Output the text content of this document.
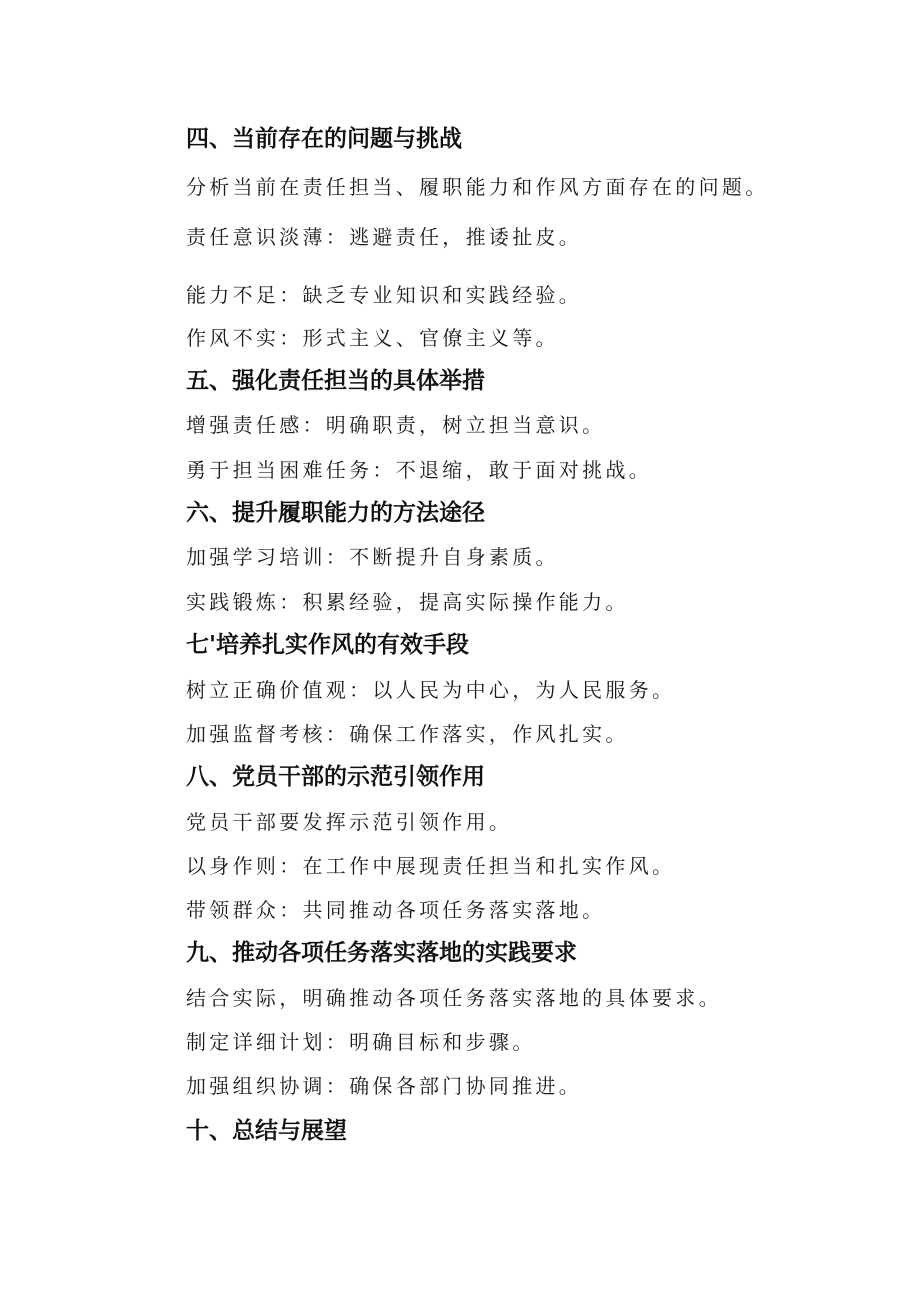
四、当前存在的问题与挑战
分析当前在责任担当、履职能力和作风方面存在的问题。
责任意识淡薄：逃避责任，推诿扯皮。
能力不足：缺乏专业知识和实践经验。
作风不实：形式主义、官僚主义等。
五、强化责任担当的具体举措
增强责任感：明确职责，树立担当意识。
勇于担当困难任务：不退缩，敢于面对挑战。
六、提升履职能力的方法途径
加强学习培训：不断提升自身素质。
实践锻炼：积累经验，提高实际操作能力。
七'培养扎实作风的有效手段
树立正确价值观：以人民为中心，为人民服务。
加强监督考核：确保工作落实，作风扎实。
八、党员干部的示范引领作用
党员干部要发挥示范引领作用。
以身作则：在工作中展现责任担当和扎实作风。
带领群众：共同推动各项任务落实落地。
九、推动各项任务落实落地的实践要求
结合实际，明确推动各项任务落实落地的具体要求。
制定详细计划：明确目标和步骤。
加强组织协调：确保各部门协同推进。
十、总结与展望
